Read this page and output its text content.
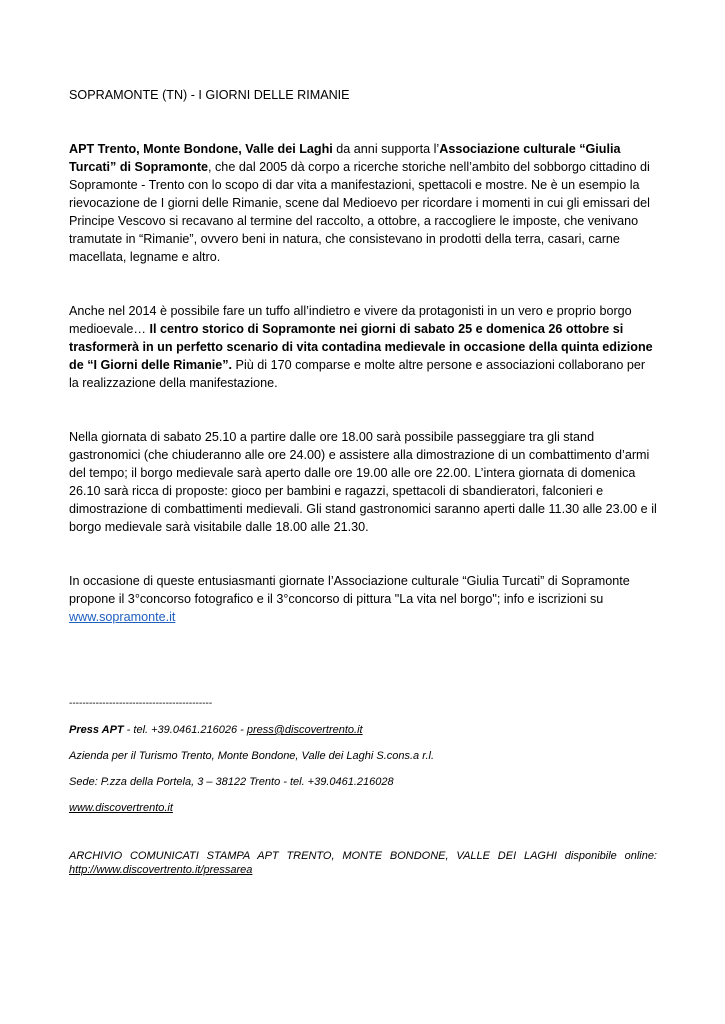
SOPRAMONTE (TN) - I GIORNI DELLE RIMANIE

APT Trento, Monte Bondone, Valle dei Laghi da anni supporta l’Associazione culturale “Giulia Turcati” di Sopramonte, che dal 2005 dà corpo a ricerche storiche nell’ambito del sobborgo cittadino di Sopramonte - Trento con lo scopo di dar vita a manifestazioni, spettacoli e mostre. Ne è un esempio la rievocazione de I giorni delle Rimanie, scene dal Medioevo per ricordare i momenti in cui gli emissari del Principe Vescovo si recavano al termine del raccolto, a ottobre, a raccogliere le imposte, che venivano tramutate in “Rimanie”, ovvero beni in natura, che consistevano in prodotti della terra, casari, carne macellata, legname e altro.

Anche nel 2014 è possibile fare un tuffo all’indietro e vivere da protagonisti in un vero e proprio borgo medioevale… Il centro storico di Sopramonte nei giorni di sabato 25 e domenica 26 ottobre si trasformerà in un perfetto scenario di vita contadina medievale in occasione della quinta edizione de “I Giorni delle Rimanie”. Più di 170 comparse e molte altre persone e associazioni collaborano per la realizzazione della manifestazione.

Nella giornata di sabato 25.10 a partire dalle ore 18.00 sarà possibile passeggiare tra gli stand gastronomici (che chiuderanno alle ore 24.00) e assistere alla dimostrazione di un combattimento d’armi del tempo; il borgo medievale sarà aperto dalle ore 19.00 alle ore 22.00. L’intera giornata di domenica 26.10 sarà ricca di proposte: gioco per bambini e ragazzi, spettacoli di sbandieratori, falconieri e dimostrazione di combattimenti medievali. Gli stand gastronomici saranno aperti dalle 11.30 alle 23.00 e il borgo medievale sarà visitabile dalle 18.00 alle 21.30.

In occasione di queste entusiasmanti giornate l’Associazione culturale “Giulia Turcati” di Sopramonte propone il 3°concorso fotografico e il 3°concorso di pittura "La vita nel borgo"; info e iscrizioni su
www.sopramonte.it

-------------------------------------------

Press APT - tel. +39.0461.216026 - press@discovertrento.it

Azienda per il Turismo Trento, Monte Bondone, Valle dei Laghi S.cons.a r.l.

Sede: P.zza della Portela, 3 – 38122 Trento - tel. +39.0461.216028

www.discovertrento.it

ARCHIVIO COMUNICATI STAMPA APT TRENTO, MONTE BONDONE, VALLE DEI LAGHI disponibile online:

http://www.discovertrento.it/pressarea
